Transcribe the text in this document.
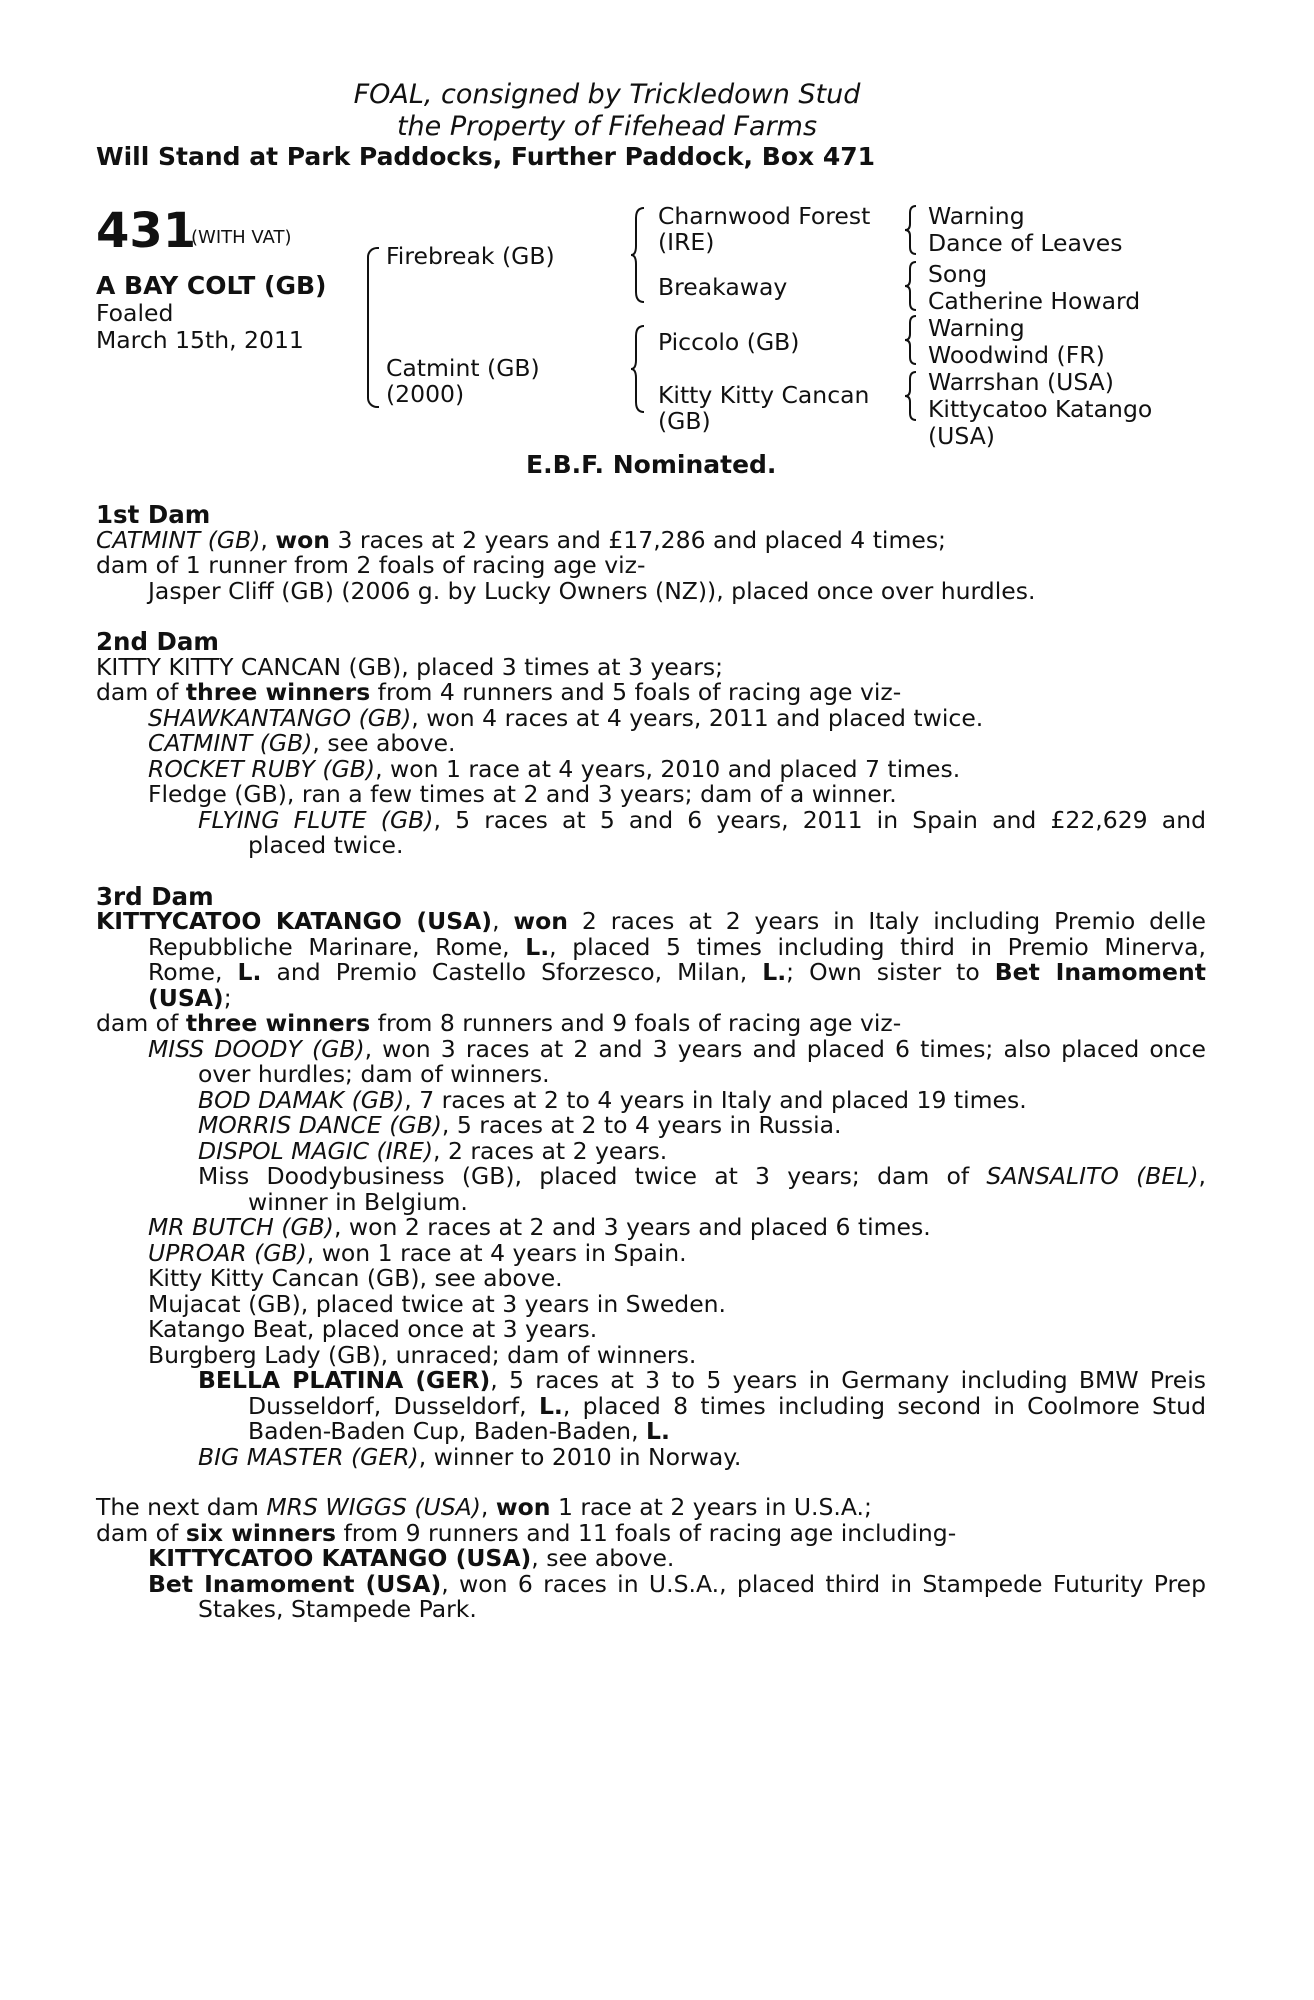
FOAL, consigned by Trickledown Stud
the Property of Fifehead Farms
Will Stand at Park Paddocks, Further Paddock, Box 471
431
(WITH VAT)
A BAY COLT (GB)
Foaled
March 15th, 2011
Firebreak (GB)
Catmint (GB)
(2000)
Charnwood Forest
(IRE)
Breakaway
Piccolo (GB)
Kitty Kitty Cancan
(GB)
Warning
Dance of Leaves
Song
Catherine Howard
Warning
Woodwind (FR)
Warrshan (USA)
Kittycatoo Katango
(USA)
E.B.F. Nominated.
1st Dam
CATMINT (GB), won 3 races at 2 years and £17,286 and placed 4 times;
dam of 1 runner from 2 foals of racing age viz-
Jasper Cliff (GB) (2006 g. by Lucky Owners (NZ)), placed once over hurdles.
2nd Dam
KITTY KITTY CANCAN (GB), placed 3 times at 3 years;
dam of three winners from 4 runners and 5 foals of racing age viz-
SHAWKANTANGO (GB), won 4 races at 4 years, 2011 and placed twice.
CATMINT (GB), see above.
ROCKET RUBY (GB), won 1 race at 4 years, 2010 and placed 7 times.
Fledge (GB), ran a few times at 2 and 3 years; dam of a winner.
FLYING FLUTE (GB), 5 races at 5 and 6 years, 2011 in Spain and £22,629 and
placed twice.
3rd Dam
KITTYCATOO KATANGO (USA), won 2 races at 2 years in Italy including Premio delle
Repubbliche Marinare, Rome, L., placed 5 times including third in Premio Minerva,
Rome, L. and Premio Castello Sforzesco, Milan, L.; Own sister to Bet Inamoment
(USA);
dam of three winners from 8 runners and 9 foals of racing age viz-
MISS DOODY (GB), won 3 races at 2 and 3 years and placed 6 times; also placed once
over hurdles; dam of winners.
BOD DAMAK (GB), 7 races at 2 to 4 years in Italy and placed 19 times.
MORRIS DANCE (GB), 5 races at 2 to 4 years in Russia.
DISPOL MAGIC (IRE), 2 races at 2 years.
Miss Doodybusiness (GB), placed twice at 3 years; dam of SANSALITO (BEL),
winner in Belgium.
MR BUTCH (GB), won 2 races at 2 and 3 years and placed 6 times.
UPROAR (GB), won 1 race at 4 years in Spain.
Kitty Kitty Cancan (GB), see above.
Mujacat (GB), placed twice at 3 years in Sweden.
Katango Beat, placed once at 3 years.
Burgberg Lady (GB), unraced; dam of winners.
BELLA PLATINA (GER), 5 races at 3 to 5 years in Germany including BMW Preis
Dusseldorf, Dusseldorf, L., placed 8 times including second in Coolmore Stud
Baden-Baden Cup, Baden-Baden, L.
BIG MASTER (GER), winner to 2010 in Norway.
The next dam MRS WIGGS (USA), won 1 race at 2 years in U.S.A.;
dam of six winners from 9 runners and 11 foals of racing age including-
KITTYCATOO KATANGO (USA), see above.
Bet Inamoment (USA), won 6 races in U.S.A., placed third in Stampede Futurity Prep
Stakes, Stampede Park.
